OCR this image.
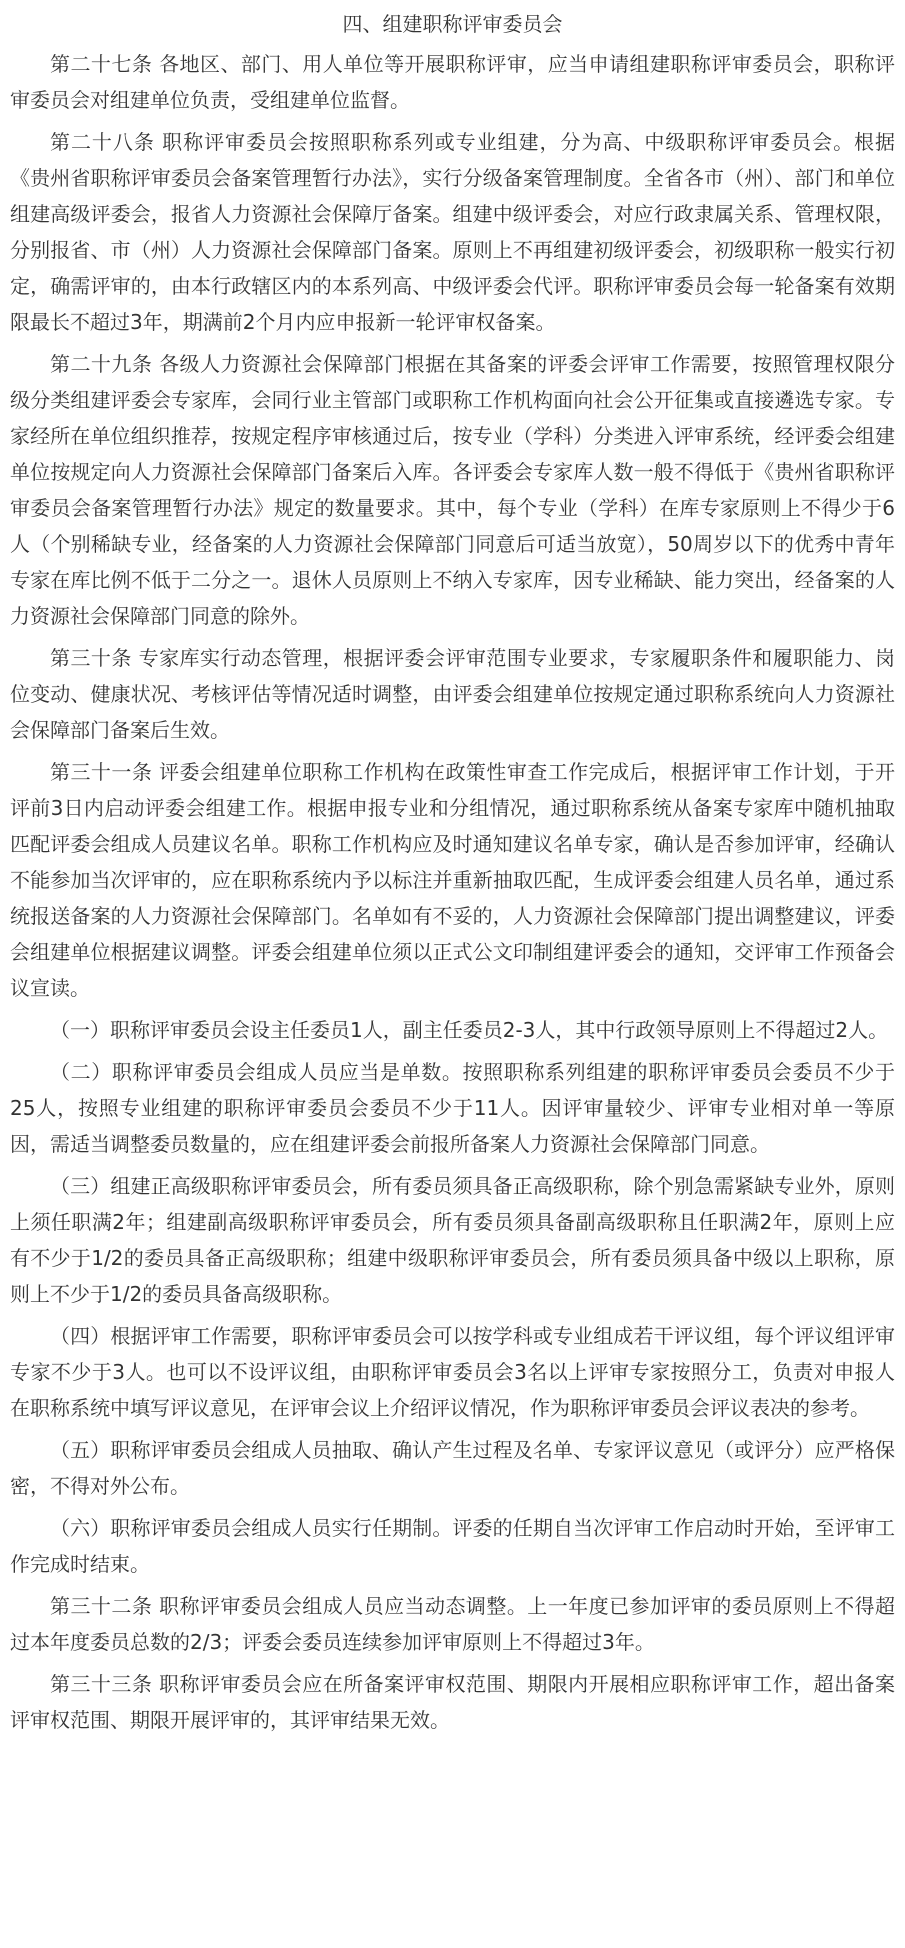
四、组建职称评审委员会

第二十七条 各地区、部门、用人单位等开展职称评审，应当申请组建职称评审委员会，职称评审委员会对组建单位负责，受组建单位监督。

第二十八条 职称评审委员会按照职称系列或专业组建，分为高、中级职称评审委员会。根据《贵州省职称评审委员会备案管理暂行办法》，实行分级备案管理制度。全省各市（州）、部门和单位组建高级评委会，报省人力资源社会保障厅备案。组建中级评委会，对应行政隶属关系、管理权限，分别报省、市（州）人力资源社会保障部门备案。原则上不再组建初级评委会，初级职称一般实行初定，确需评审的，由本行政辖区内的本系列高、中级评委会代评。职称评审委员会每一轮备案有效期限最长不超过3年，期满前2个月内应申报新一轮评审权备案。

第二十九条 各级人力资源社会保障部门根据在其备案的评委会评审工作需要，按照管理权限分级分类组建评委会专家库，会同行业主管部门或职称工作机构面向社会公开征集或直接遴选专家。专家经所在单位组织推荐，按规定程序审核通过后，按专业（学科）分类进入评审系统，经评委会组建单位按规定向人力资源社会保障部门备案后入库。各评委会专家库人数一般不得低于《贵州省职称评审委员会备案管理暂行办法》规定的数量要求。其中，每个专业（学科）在库专家原则上不得少于6人（个别稀缺专业，经备案的人力资源社会保障部门同意后可适当放宽），50周岁以下的优秀中青年专家在库比例不低于二分之一。退休人员原则上不纳入专家库，因专业稀缺、能力突出，经备案的人力资源社会保障部门同意的除外。

第三十条 专家库实行动态管理，根据评委会评审范围专业要求，专家履职条件和履职能力、岗位变动、健康状况、考核评估等情况适时调整，由评委会组建单位按规定通过职称系统向人力资源社会保障部门备案后生效。

第三十一条 评委会组建单位职称工作机构在政策性审查工作完成后，根据评审工作计划，于开评前3日内启动评委会组建工作。根据申报专业和分组情况，通过职称系统从备案专家库中随机抽取匹配评委会组成人员建议名单。职称工作机构应及时通知建议名单专家，确认是否参加评审，经确认不能参加当次评审的，应在职称系统内予以标注并重新抽取匹配，生成评委会组建人员名单，通过系统报送备案的人力资源社会保障部门。名单如有不妥的，人力资源社会保障部门提出调整建议，评委会组建单位根据建议调整。评委会组建单位须以正式公文印制组建评委会的通知，交评审工作预备会议宣读。

（一）职称评审委员会设主任委员1人，副主任委员2-3人，其中行政领导原则上不得超过2人。

（二）职称评审委员会组成人员应当是单数。按照职称系列组建的职称评审委员会委员不少于25人，按照专业组建的职称评审委员会委员不少于11人。因评审量较少、评审专业相对单一等原因，需适当调整委员数量的，应在组建评委会前报所备案人力资源社会保障部门同意。

（三）组建正高级职称评审委员会，所有委员须具备正高级职称，除个别急需紧缺专业外，原则上须任职满2年；组建副高级职称评审委员会，所有委员须具备副高级职称且任职满2年，原则上应有不少于1/2的委员具备正高级职称；组建中级职称评审委员会，所有委员须具备中级以上职称，原则上不少于1/2的委员具备高级职称。

（四）根据评审工作需要，职称评审委员会可以按学科或专业组成若干评议组，每个评议组评审专家不少于3人。也可以不设评议组，由职称评审委员会3名以上评审专家按照分工，负责对申报人在职称系统中填写评议意见，在评审会议上介绍评议情况，作为职称评审委员会评议表决的参考。

（五）职称评审委员会组成人员抽取、确认产生过程及名单、专家评议意见（或评分）应严格保密，不得对外公布。

（六）职称评审委员会组成人员实行任期制。评委的任期自当次评审工作启动时开始，至评审工作完成时结束。

第三十二条 职称评审委员会组成人员应当动态调整。上一年度已参加评审的委员原则上不得超过本年度委员总数的2/3；评委会委员连续参加评审原则上不得超过3年。

第三十三条 职称评审委员会应在所备案评审权范围、期限内开展相应职称评审工作，超出备案评审权范围、期限开展评审的，其评审结果无效。
